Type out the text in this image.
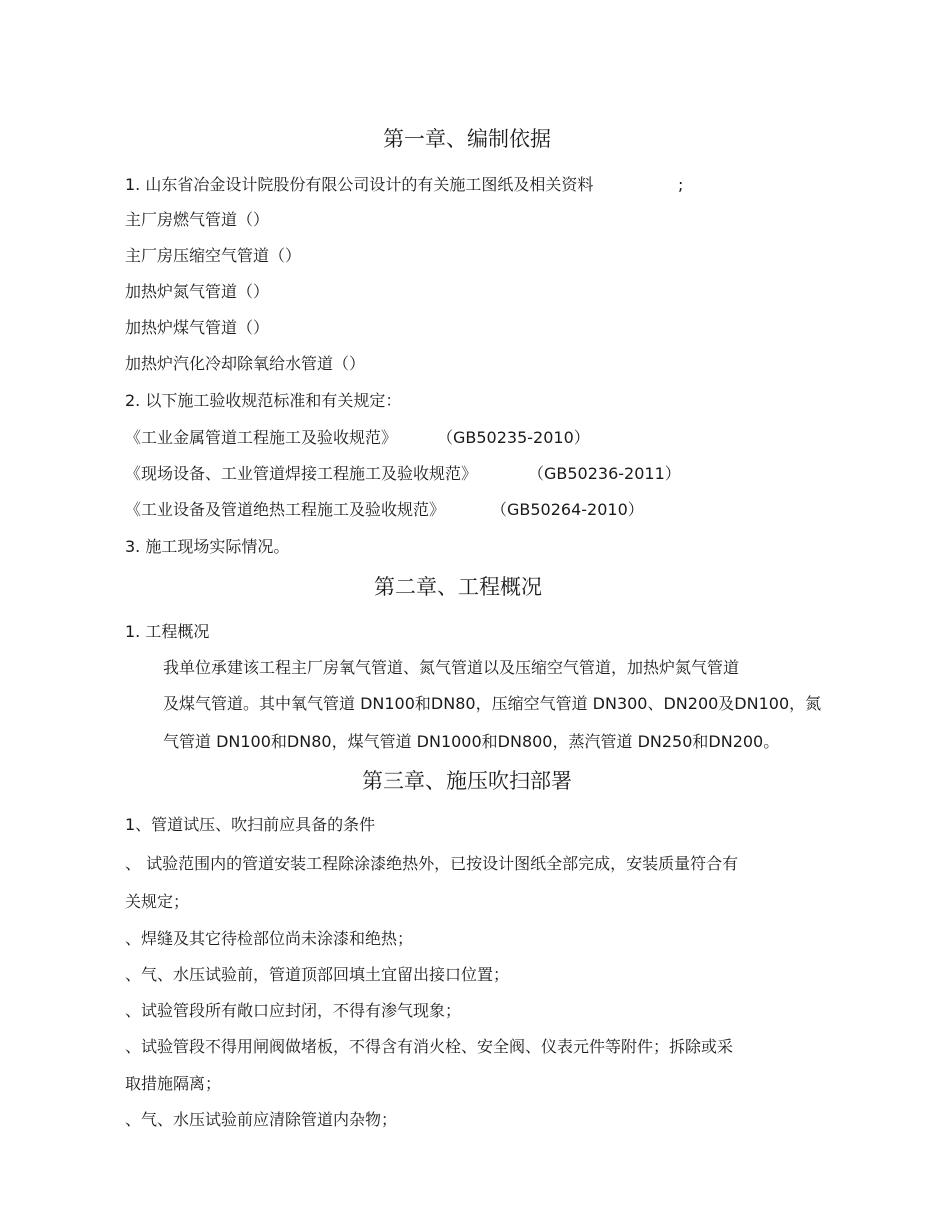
第一章、编制依据
1. 山东省冶金设计院股份有限公司设计的有关施工图纸及相关资料	;
主厂房燃气管道（）
主厂房压缩空气管道（）
加热炉氮气管道（）
加热炉煤气管道（）
加热炉汽化冷却除氧给水管道（）
2. 以下施工验收规范标准和有关规定：
《工业金属管道工程施工及验收规范》 （GB50235-2010）
《现场设备、工业管道焊接工程施工及验收规范》	（GB50236-2011）
《工业设备及管道绝热工程施工及验收规范》	（GB50264-2010）
3. 施工现场实际情况。
第二章、工程概况
1. 工程概况
我单位承建该工程主厂房氧气管道、氮气管道以及压缩空气管道，加热炉氮气管道
及煤气管道。其中氧气管道 DN100和DN80，压缩空气管道 DN300、DN200及DN100，氮
气管道 DN100和DN80，煤气管道 DN1000和DN800，蒸汽管道 DN250和DN200。
第三章、施压吹扫部署
1、管道试压、吹扫前应具备的条件
、 试验范围内的管道安装工程除涂漆绝热外，已按设计图纸全部完成，安装质量符合有
关规定；
、焊缝及其它待检部位尚未涂漆和绝热；
、气、水压试验前，管道顶部回填土宜留出接口位置；
、试验管段所有敞口应封闭，不得有渗气现象；
、试验管段不得用闸阀做堵板，不得含有消火栓、安全阀、仪表元件等附件；拆除或采
取措施隔离；
、气、水压试验前应清除管道内杂物；
